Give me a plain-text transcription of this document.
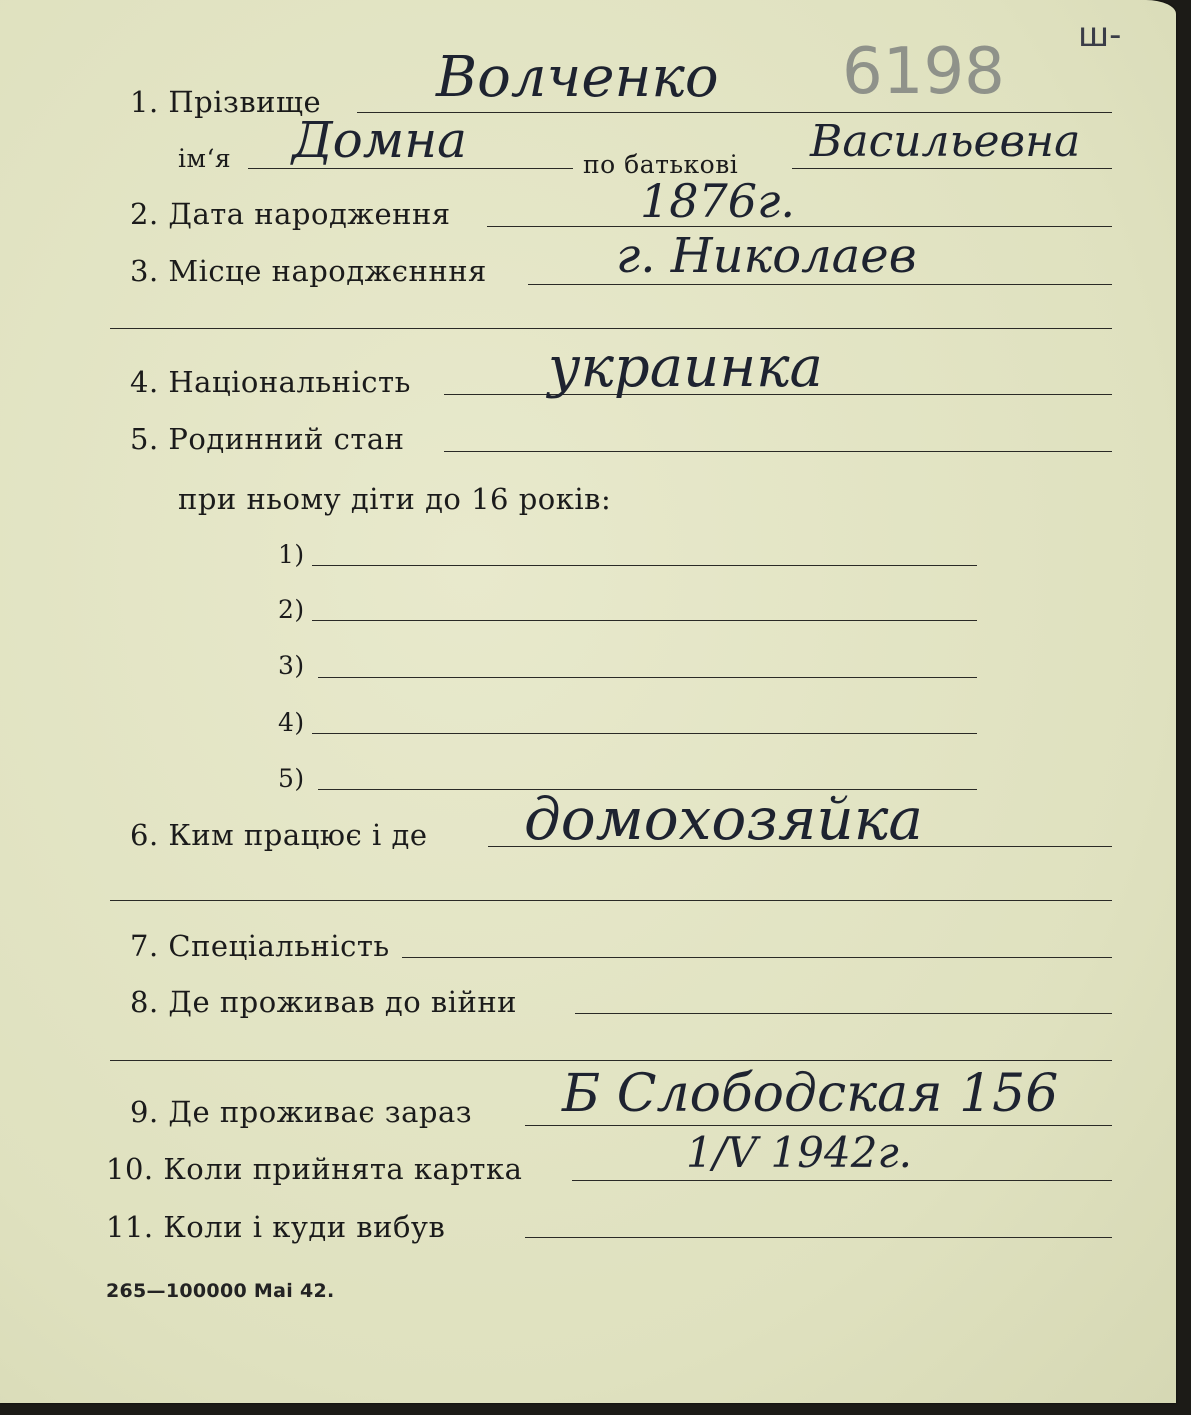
6198 ш-
1. Прізвище Волченко
ім‘я Домна	по батькові Васильевна
2. Дата народження	1876г.
3. Місце народжєнння	г. Николаев
4. Національність украинка
5. Родинний стан
при ньому діти до 16 років:
1)
2)
3)
4)
5)
6. Ким працює і де домохозяйка
7. Спеціальність
8. Де проживав до війни
9. Де проживає зараз Б Слободская 156
10. Коли прийнята картка	1/V 1942г.
11. Коли і куди вибув
265—100000 Маі 42.
